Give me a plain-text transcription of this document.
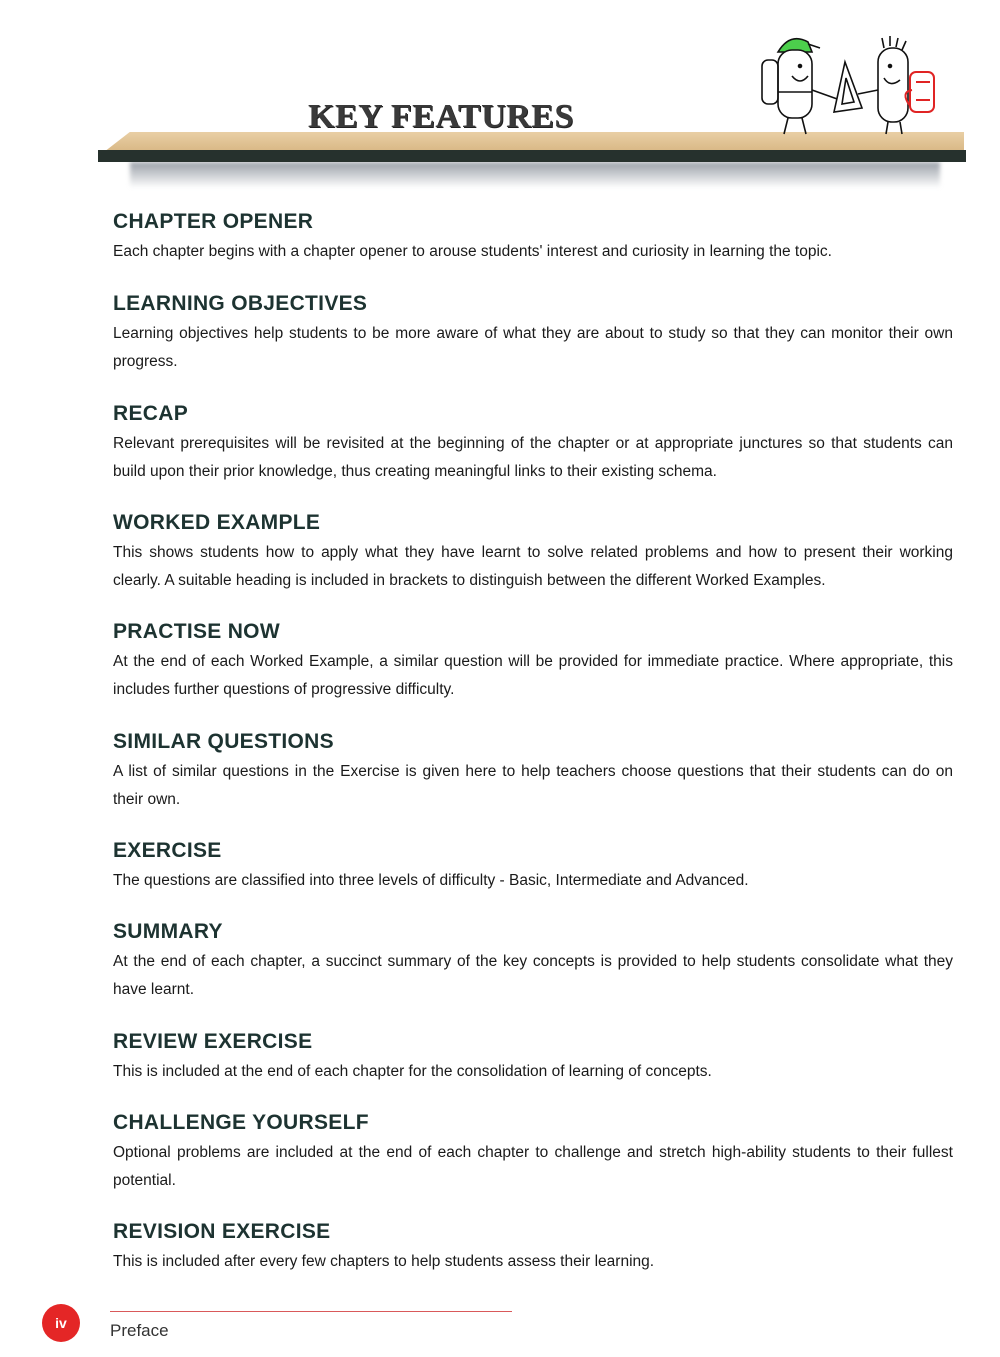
KEY FEATURES
CHAPTER OPENER

Each chapter begins with a chapter opener to arouse students' interest and curiosity in learning the topic.

LEARNING OBJECTIVES

Learning objectives help students to be more aware of what they are about to study so that they can monitor their own progress.

RECAP

Relevant prerequisites will be revisited at the beginning of the chapter or at appropriate junctures so that students can build upon their prior knowledge, thus creating meaningful links to their existing schema.

WORKED EXAMPLE

This shows students how to apply what they have learnt to solve related problems and how to present their working clearly. A suitable heading is included in brackets to distinguish between the different Worked Examples.

PRACTISE NOW

At the end of each Worked Example, a similar question will be provided for immediate practice. Where appropriate, this includes further questions of progressive difficulty.

SIMILAR QUESTIONS

A list of similar questions in the Exercise is given here to help teachers choose questions that their students can do on their own.

EXERCISE

The questions are classified into three levels of difficulty - Basic, Intermediate and Advanced.

SUMMARY

At the end of each chapter, a succinct summary of the key concepts is provided to help students consolidate what they have learnt.

REVIEW EXERCISE

This is included at the end of each chapter for the consolidation of learning of concepts.

CHALLENGE YOURSELF

Optional problems are included at the end of each chapter to challenge and stretch high-ability students to their fullest potential.

REVISION EXERCISE

This is included after every few chapters to help students assess their learning.

iv	Preface
